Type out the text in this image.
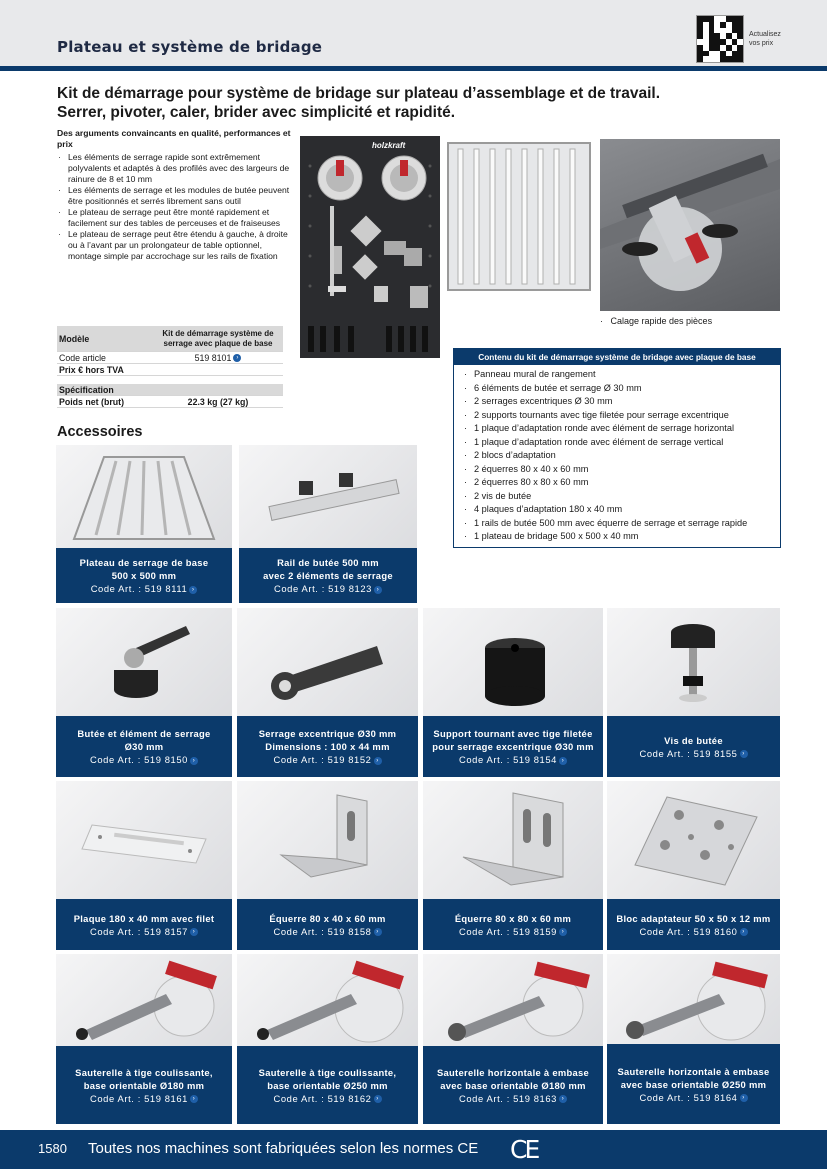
Plateau et système de bridage
Actualisez vos prix
Kit de démarrage pour système de bridage sur plateau d’assemblage et de travail.
Serrer, pivoter, caler, brider avec simplicité et rapidité.
Des arguments convaincants en qualité, performances et prix
· Les éléments de serrage rapide sont extrêmement polyvalents et adaptés à des profilés avec des largeurs de rainure de 8 et 10 mm
· Les éléments de serrage et les modules de butée peuvent être positionnés et serrés librement sans outil
· Le plateau de serrage peut être monté rapidement et facilement sur des tables de perceuses et de fraiseuses
· Le plateau de serrage peut être étendu à gauche, à droite ou à l’avant par un prolongateur de table optionnel, montage simple par accrochage sur les rails de fixation
Modèle
Kit de démarrage système de serrage avec plaque de base
Code article	519 8101 ›
Prix € hors TVA
Spécification
Poids net (brut)	22.3 kg (27 kg)
holzkraft
·   Calage rapide des pièces
Contenu du kit de démarrage système de bridage avec plaque de base
· Panneau mural de rangement
· 6 éléments de butée et serrage Ø 30 mm
· 2 serrages excentriques Ø 30 mm
· 2 supports tournants avec tige filetée pour serrage excentrique
· 1 plaque d’adaptation ronde avec élément de serrage horizontal
· 1 plaque d’adaptation ronde avec élément de serrage vertical
· 2 blocs d’adaptation
· 2 équerres 80 x 40 x 60 mm
· 2 équerres 80 x 80 x 60 mm
· 2 vis de butée
· 4 plaques d’adaptation 180 x 40 mm
· 1 rails de butée 500 mm avec équerre de serrage et serrage rapide
· 1 plateau de bridage 500 x 500 x 40 mm
Accessoires
Plateau de serrage de base
500 x 500 mm
Code Art. : 519 8111 ›
Rail de butée 500 mm
avec 2 éléments de serrage
Code Art. : 519 8123 ›
Butée et élément de serrage
Ø30 mm
Code Art. : 519 8150 ›
Serrage excentrique Ø30 mm
Dimensions : 100 x 44 mm
Code Art. : 519 8152 ›
Support tournant avec tige filetée
pour serrage excentrique Ø30 mm
Code Art. : 519 8154 ›
Vis de butée
Code Art. : 519 8155 ›
Plaque 180 x 40 mm avec filet
Code Art. : 519 8157 ›
Équerre 80 x 40 x 60 mm
Code Art. : 519 8158 ›
Équerre 80 x 80 x 60 mm
Code Art. : 519 8159 ›
Bloc adaptateur 50 x 50 x 12 mm
Code Art. : 519 8160 ›
Sauterelle à tige coulissante,
base orientable Ø180 mm
Code Art. : 519 8161 ›
Sauterelle à tige coulissante,
base orientable Ø250 mm
Code Art. : 519 8162 ›
Sauterelle horizontale à embase
avec base orientable Ø180 mm
Code Art. : 519 8163 ›
Sauterelle horizontale à embase
avec base orientable Ø250 mm
Code Art. : 519 8164 ›
1580 Toutes nos machines sont fabriquées selon les normes CE CE
